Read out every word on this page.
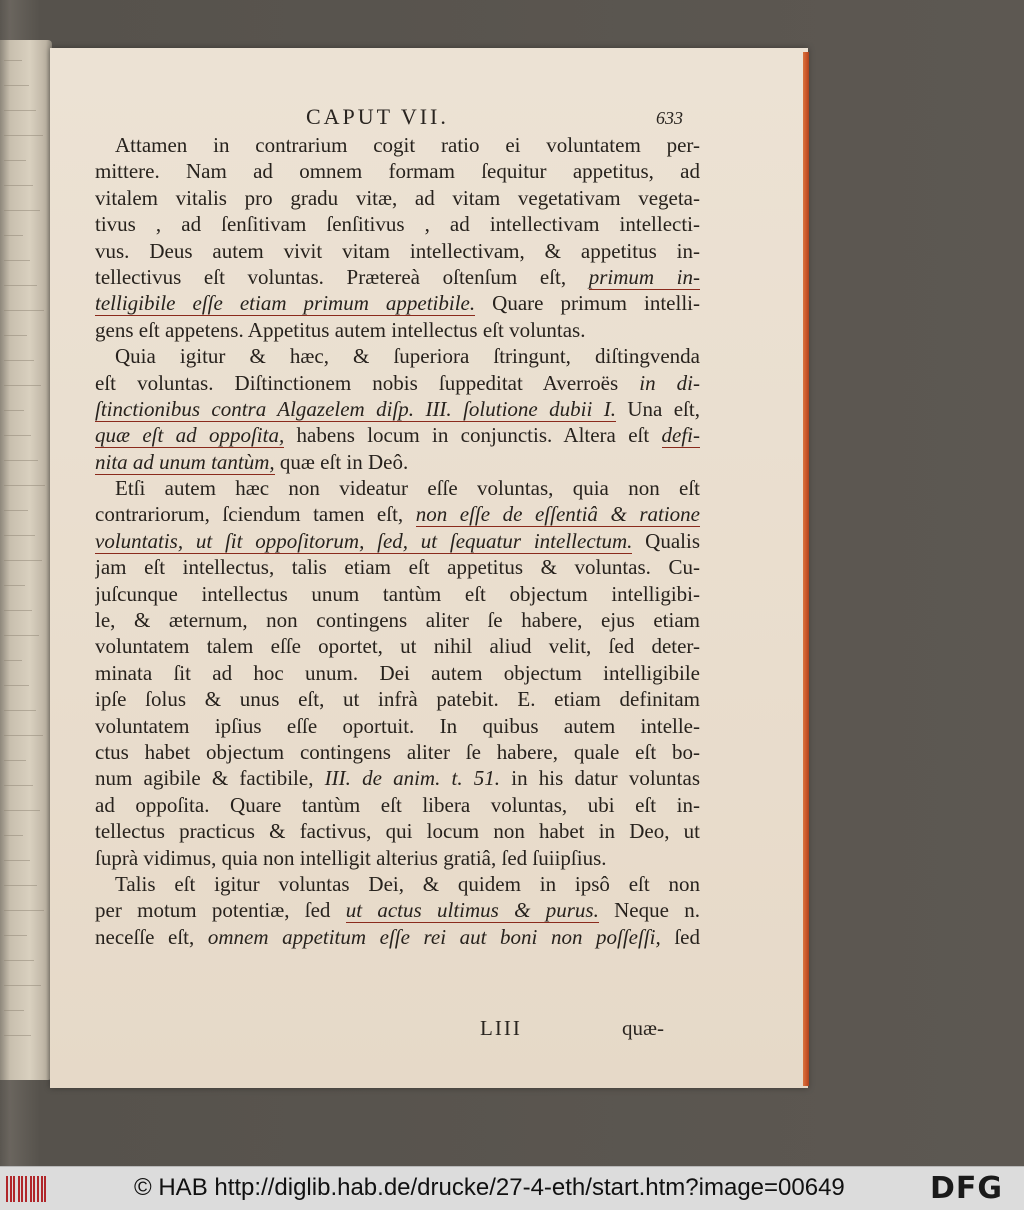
CAPUT VII.	633
Attamen in contrarium cogit ratio ei voluntatem per-
mittere. Nam ad omnem formam ſequitur appetitus, ad
vitalem vitalis pro gradu vitæ, ad vitam vegetativam vegeta-
tivus , ad ſenſitivam ſenſitivus , ad intellectivam intellecti-
vus. Deus autem vivit vitam intellectivam, & appetitus in-
tellectivus eſt voluntas. Prætereà oſtenſum eſt, primum in-
telligibile eſſe etiam primum appetibile. Quare primum intelli-
gens eſt appetens. Appetitus autem intellectus eſt voluntas.
Quia igitur & hæc, & ſuperiora ſtringunt, diſtingvenda
eſt voluntas. Diſtinctionem nobis ſuppeditat Averroës in di-
ſtinctionibus contra Algazelem diſp. III. ſolutione dubii I. Una eſt,
quæ eſt ad oppoſita, habens locum in conjunctis. Altera eſt defi-
nita ad unum tantùm, quæ eſt in Deô.
Etſi autem hæc non videatur eſſe voluntas, quia non eſt
contrariorum, ſciendum tamen eſt, non eſſe de eſſentiâ & ratione
voluntatis, ut ſit oppoſitorum, ſed, ut ſequatur intellectum. Qualis
jam eſt intellectus, talis etiam eſt appetitus & voluntas. Cu-
juſcunque intellectus unum tantùm eſt objectum intelligibi-
le, & æternum, non contingens aliter ſe habere, ejus etiam
voluntatem talem eſſe oportet, ut nihil aliud velit, ſed deter-
minata ſit ad hoc unum. Dei autem objectum intelligibile
ipſe ſolus & unus eſt, ut infrà patebit. E. etiam definitam
voluntatem ipſius eſſe oportuit. In quibus autem intelle-
ctus habet objectum contingens aliter ſe habere, quale eſt bo-
num agibile & factibile, III. de anim. t. 51. in his datur voluntas
ad oppoſita. Quare tantùm eſt libera voluntas, ubi eſt in-
tellectus practicus & factivus, qui locum non habet in Deo, ut
ſuprà vidimus, quia non intelligit alterius gratiâ, ſed ſuiipſius.
Talis eſt igitur voluntas Dei, & quidem in ipsô eſt non
per motum potentiæ, ſed ut actus ultimus & purus. Neque n.
neceſſe eſt, omnem appetitum eſſe rei aut boni non poſſeſſi, ſed
LIII	quæ-
© HAB http://diglib.hab.de/drucke/27-4-eth/start.htm?image=00649	DFG
